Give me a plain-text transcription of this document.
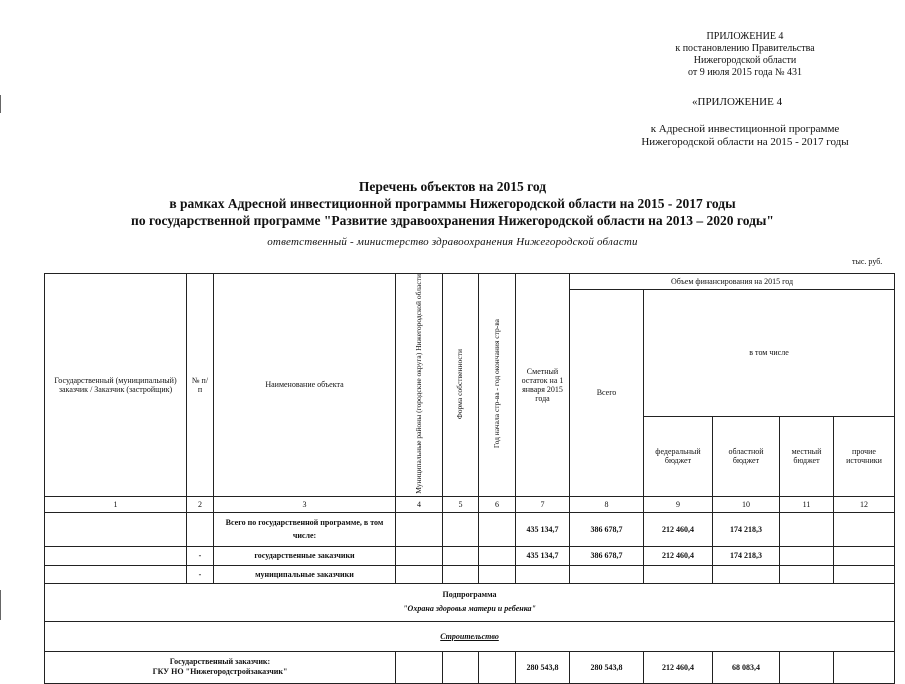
ПРИЛОЖЕНИЕ 4
к постановлению Правительства
Нижегородской области
от 9 июля 2015 года № 431
«ПРИЛОЖЕНИЕ 4
к Адресной инвестиционной программе
Нижегородской области на 2015 - 2017 годы
Перечень объектов на 2015 год
в рамках Адресной инвестиционной программы Нижегородской области на 2015 - 2017 годы
по государственной программе "Развитие здравоохранения Нижегородской области на 2013 – 2020 годы"
ответственный - министерство здравоохранения Нижегородской области
тыс. руб.
Государственный (муниципальный) заказчик / Заказчик (застройщик)	№ п/п	Наименование объекта	Муниципальные районы (городские округа) Нижегородской области	Форма собственности	Год начала стр-ва - год окончания стр-ва	Сметный остаток на 1 января 2015 года	Объем финансирования на 2015 год				
							Всего	в том числе			
								федеральный бюджет	областной бюджет	местный бюджет	прочие источники
1	2	3	4	5	6	7	8	9	10	11	12
		Всего по государственной программе, в том числе:				435 134,7	386 678,7	212 460,4	174 218,3		
	-	государственные заказчики				435 134,7	386 678,7	212 460,4	174 218,3		
	-	муниципальные заказчики									

Подпрограмма
"Охрана здоровья матери и ребенка"											

Строительство											

Государственный заказчик:
ГКУ НО "Нижегородстройзаказчик"						280 543,8	280 543,8	212 460,4	68 083,4		
